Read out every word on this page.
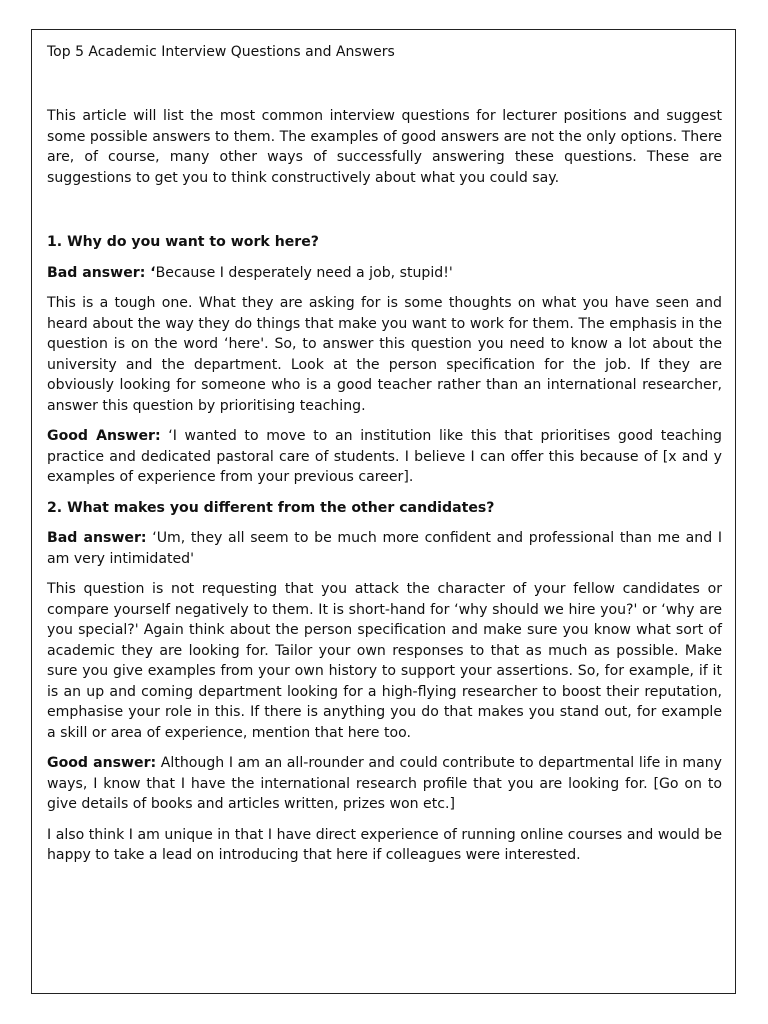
Top 5 Academic Interview Questions and Answers

This article will list the most common interview questions for lecturer positions and suggest some possible answers to them. The examples of good answers are not the only options. There are, of course, many other ways of successfully answering these questions. These are suggestions to get you to think constructively about what you could say.

1. Why do you want to work here?

Bad answer: ‘Because I desperately need a job, stupid!'

This is a tough one. What they are asking for is some thoughts on what you have seen and heard about the way they do things that make you want to work for them. The emphasis in the question is on the word ‘here'. So, to answer this question you need to know a lot about the university and the department. Look at the person specification for the job. If they are obviously looking for someone who is a good teacher rather than an international researcher, answer this question by prioritising teaching.

Good Answer: ‘I wanted to move to an institution like this that prioritises good teaching practice and dedicated pastoral care of students. I believe I can offer this because of [x and y examples of experience from your previous career].

2. What makes you different from the other candidates?

Bad answer: ‘Um, they all seem to be much more confident and professional than me and I am very intimidated'

This question is not requesting that you attack the character of your fellow candidates or compare yourself negatively to them. It is short-hand for ‘why should we hire you?' or ‘why are you special?' Again think about the person specification and make sure you know what sort of academic they are looking for. Tailor your own responses to that as much as possible. Make sure you give examples from your own history to support your assertions. So, for example, if it is an up and coming department looking for a high-flying researcher to boost their reputation, emphasise your role in this. If there is anything you do that makes you stand out, for example a skill or area of experience, mention that here too.

Good answer: Although I am an all-rounder and could contribute to departmental life in many ways, I know that I have the international research profile that you are looking for. [Go on to give details of books and articles written, prizes won etc.]

I also think I am unique in that I have direct experience of running online courses and would be happy to take a lead on introducing that here if colleagues were interested.
